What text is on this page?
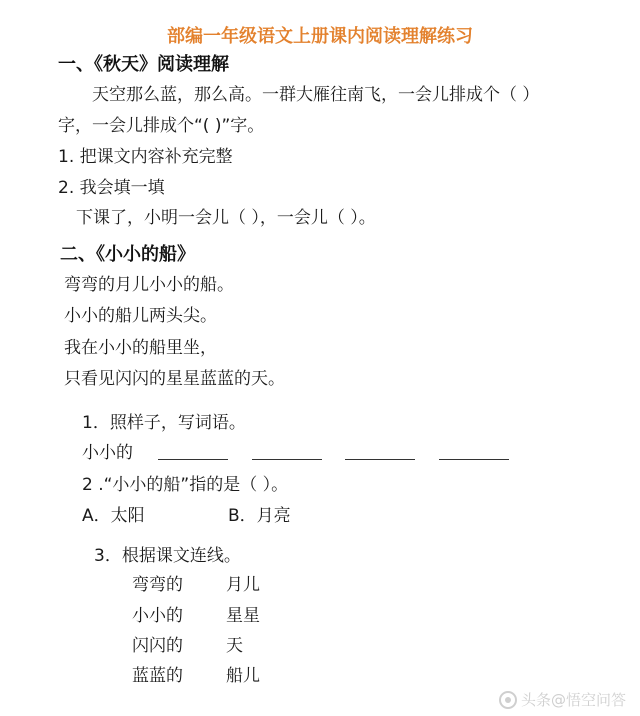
部编一年级语文上册课内阅读理解练习
一、《秋天》阅读理解
天空那么蓝，那么高。一群大雁往南飞，一会儿排成个（ ）
字，一会儿排成个“( )”字。
1. 把课文内容补充完整
2. 我会填一填
下课了，小明一会儿（ ），一会儿（ ）。
二、《小小的船》
弯弯的月儿小小的船。
小小的船儿两头尖。
我在小小的船里坐，
只看见闪闪的星星蓝蓝的天。
1．照样子，写词语。
小小的
2 .“小小的船”指的是（ ）。
A．太阳	B．月亮
3．根据课文连线。
弯弯的
小小的
闪闪的
蓝蓝的
月儿
星星
天
船儿
头条@悟空问答
